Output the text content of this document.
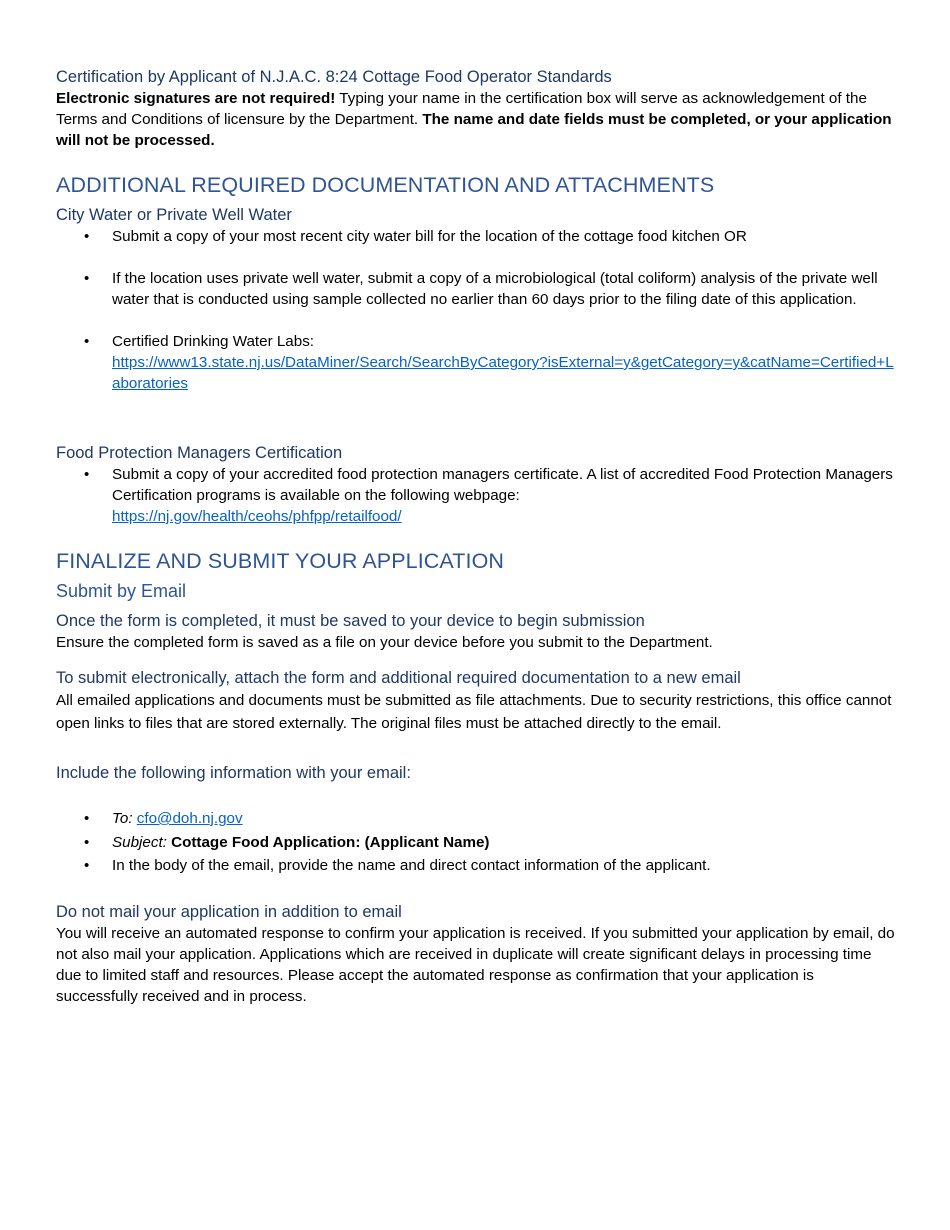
Certification by Applicant of N.J.A.C. 8:24 Cottage Food Operator Standards

Electronic signatures are not required! Typing your name in the certification box will serve as acknowledgement of the Terms and Conditions of licensure by the Department. The name and date fields must be completed, or your application will not be processed.

ADDITIONAL REQUIRED DOCUMENTATION AND ATTACHMENTS

City Water or Private Well Water

• Submit a copy of your most recent city water bill for the location of the cottage food kitchen OR
• If the location uses private well water, submit a copy of a microbiological (total coliform) analysis of the private well water that is conducted using sample collected no earlier than 60 days prior to the filing date of this application.
• Certified Drinking Water Labs:
https://www13.state.nj.us/DataMiner/Search/SearchByCategory?isExternal=y&getCategory=y&catName=Certified+Laboratories

Food Protection Managers Certification

• Submit a copy of your accredited food protection managers certificate. A list of accredited Food Protection Managers Certification programs is available on the following webpage:
https://nj.gov/health/ceohs/phfpp/retailfood/

FINALIZE AND SUBMIT YOUR APPLICATION

Submit by Email

Once the form is completed, it must be saved to your device to begin submission

Ensure the completed form is saved as a file on your device before you submit to the Department.

To submit electronically, attach the form and additional required documentation to a new email

All emailed applications and documents must be submitted as file attachments. Due to security restrictions, this office cannot open links to files that are stored externally. The original files must be attached directly to the email.

Include the following information with your email:

• To: cfo@doh.nj.gov
• Subject: Cottage Food Application: (Applicant Name)
• In the body of the email, provide the name and direct contact information of the applicant.

Do not mail your application in addition to email

You will receive an automated response to confirm your application is received. If you submitted your application by email, do not also mail your application. Applications which are received in duplicate will create significant delays in processing time due to limited staff and resources. Please accept the automated response as confirmation that your application is successfully received and in process.
